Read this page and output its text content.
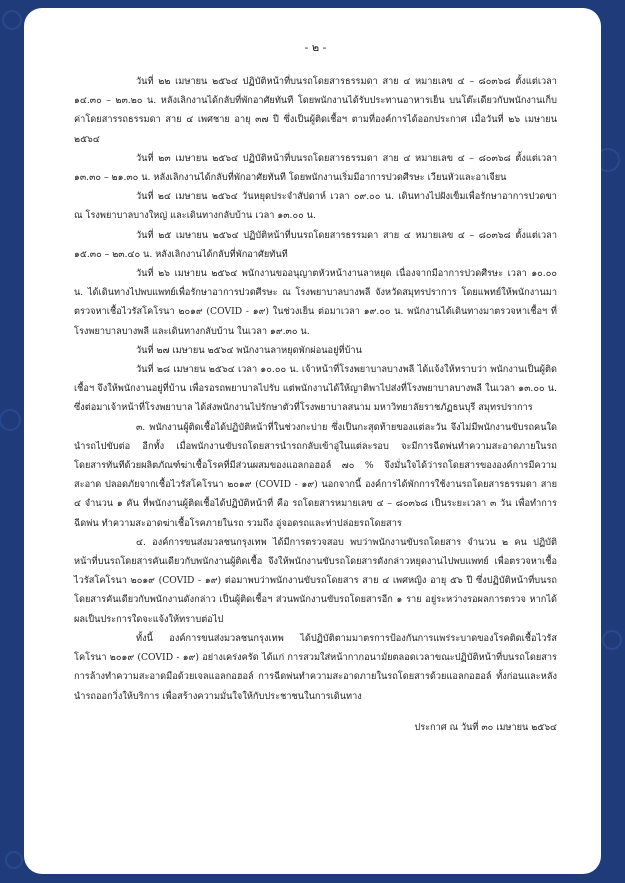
- ๒ -

วันที่ ๒๒ เมษายน ๒๕๖๔ ปฏิบัติหน้าที่บนรถโดยสารธรรมดา สาย ๔ หมายเลข ๔ – ๘๐๓๖๘ ตั้งแต่เวลา ๑๔.๓๐ – ๒๓.๒๐ น. หลังเลิกงานได้กลับที่พักอาศัยทันที โดยพนักงานได้รับประทานอาหารเย็น บนโต๊ะเดียวกับพนักงานเก็บค่าโดยสารรถธรรมดา สาย ๔ เพศชาย อายุ ๓๗ ปี ซึ่งเป็นผู้ติดเชื้อฯ ตามที่องค์การได้ออกประกาศ เมื่อวันที่ ๒๖ เมษายน ๒๕๖๔

วันที่ ๒๓ เมษายน ๒๕๖๔ ปฏิบัติหน้าที่บนรถโดยสารธรรมดา สาย ๔ หมายเลข ๔ – ๘๐๓๖๘ ตั้งแต่เวลา ๑๓.๓๐ – ๒๑.๓๐ น. หลังเลิกงานได้กลับที่พักอาศัยทันที โดยพนักงานเริ่มมีอาการปวดศีรษะ เวียนหัวและอาเจียน

วันที่ ๒๔ เมษายน ๒๕๖๔ วันหยุดประจำสัปดาห์ เวลา ๐๙.๐๐ น. เดินทางไปฝังเข็มเพื่อรักษาอาการปวดขา ณ โรงพยาบาลบางใหญ่ และเดินทางกลับบ้าน เวลา ๑๓.๐๐ น.

วันที่ ๒๕ เมษายน ๒๕๖๔ ปฏิบัติหน้าที่บนรถโดยสารธรรมดา สาย ๔ หมายเลข ๔ – ๘๐๓๖๘ ตั้งแต่เวลา ๑๕.๓๐ – ๒๓.๔๐ น. หลังเลิกงานได้กลับที่พักอาศัยทันที

วันที่ ๒๖ เมษายน ๒๕๖๔ พนักงานขออนุญาตหัวหน้างานลาหยุด เนื่องจากมีอาการปวดศีรษะ เวลา ๑๐.๐๐ น. ได้เดินทางไปพบแพทย์เพื่อรักษาอาการปวดศีรษะ ณ โรงพยาบาลบางพลี จังหวัดสมุทรปราการ โดยแพทย์ให้พนักงานมาตรวจหาเชื้อไวรัสโคโรนา ๒๐๑๙ (COVID - ๑๙) ในช่วงเย็น ต่อมาเวลา ๑๙.๐๐ น. พนักงานได้เดินทางมาตรวจหาเชื้อฯ ที่โรงพยาบาลบางพลี และเดินทางกลับบ้าน ในเวลา ๑๙.๓๐ น.

วันที่ ๒๗ เมษายน ๒๕๖๔ พนักงานลาหยุดพักผ่อนอยู่ที่บ้าน

วันที่ ๒๘ เมษายน ๒๕๖๔ เวลา ๑๐.๐๐ น. เจ้าหน้าที่โรงพยาบาลบางพลี ได้แจ้งให้ทราบว่า พนักงานเป็นผู้ติดเชื้อฯ จึงให้พนักงานอยู่ที่บ้าน เพื่อรอรถพยาบาลไปรับ แต่พนักงานได้ให้ญาติพาไปส่งที่โรงพยาบาลบางพลี ในเวลา ๑๓.๐๐ น. ซึ่งต่อมาเจ้าหน้าที่โรงพยาบาล ได้ส่งพนักงานไปรักษาตัวที่โรงพยาบาลสนาม มหาวิทยาลัยราชภัฏธนบุรี สมุทรปราการ

๓. พนักงานผู้ติดเชื้อได้ปฏิบัติหน้าที่ในช่วงกะบ่าย ซึ่งเป็นกะสุดท้ายของแต่ละวัน จึงไม่มีพนักงานขับรถคนใดนำรถไปขับต่อ อีกทั้ง เมื่อพนักงานขับรถโดยสารนำรถกลับเข้าอู่ในแต่ละรอบ จะมีการฉีดพ่นทำความสะอาดภายในรถโดยสารทันทีด้วยผลิตภัณฑ์ฆ่าเชื้อโรคที่มีส่วนผสมของแอลกอฮอล์ ๗๐ % จึงมั่นใจได้ว่ารถโดยสารขององค์การมีความสะอาด ปลอดภัยจากเชื้อไวรัสโคโรนา ๒๐๑๙ (COVID - ๑๙) นอกจากนี้ องค์การได้พักการใช้งานรถโดยสารธรรมดา สาย ๔ จำนวน ๑ คัน ที่พนักงานผู้ติดเชื้อได้ปฏิบัติหน้าที่ คือ รถโดยสารหมายเลข ๔ – ๘๐๓๖๘ เป็นระยะเวลา ๓ วัน เพื่อทำการฉีดพ่น ทำความสะอาดฆ่าเชื้อโรคภายในรถ รวมถึง อู่จอดรถและท่าปล่อยรถโดยสาร

๔. องค์การขนส่งมวลชนกรุงเทพ ได้มีการตรวจสอบ พบว่าพนักงานขับรถโดยสาร จำนวน ๒ คน ปฏิบัติหน้าที่บนรถโดยสารคันเดียวกับพนักงานผู้ติดเชื้อ จึงให้พนักงานขับรถโดยสารดังกล่าวหยุดงานไปพบแพทย์ เพื่อตรวจหาเชื้อไวรัสโคโรนา ๒๐๑๙ (COVID - ๑๙) ต่อมาพบว่าพนักงานขับรถโดยสาร สาย ๔ เพศหญิง อายุ ๕๖ ปี ซึ่งปฏิบัติหน้าที่บนรถโดยสารคันเดียวกับพนักงานดังกล่าว เป็นผู้ติดเชื้อฯ ส่วนพนักงานขับรถโดยสารอีก ๑ ราย อยู่ระหว่างรอผลการตรวจ หากได้ผลเป็นประการใดจะแจ้งให้ทราบต่อไป

ทั้งนี้ องค์การขนส่งมวลชนกรุงเทพ ได้ปฏิบัติตามมาตรการป้องกันการแพร่ระบาดของโรคติดเชื้อไวรัสโคโรนา ๒๐๑๙ (COVID - ๑๙) อย่างเคร่งครัด ได้แก่ การสวมใส่หน้ากากอนามัยตลอดเวลาขณะปฏิบัติหน้าที่บนรถโดยสาร การล้างทำความสะอาดมือด้วยเจลแอลกอฮอล์ การฉีดพ่นทำความสะอาดภายในรถโดยสารด้วยแอลกอฮอล์ ทั้งก่อนและหลังนำรถออกวิ่งให้บริการ เพื่อสร้างความมั่นใจให้กับประชาชนในการเดินทาง

ประกาศ ณ วันที่ ๓๐ เมษายน ๒๕๖๔
